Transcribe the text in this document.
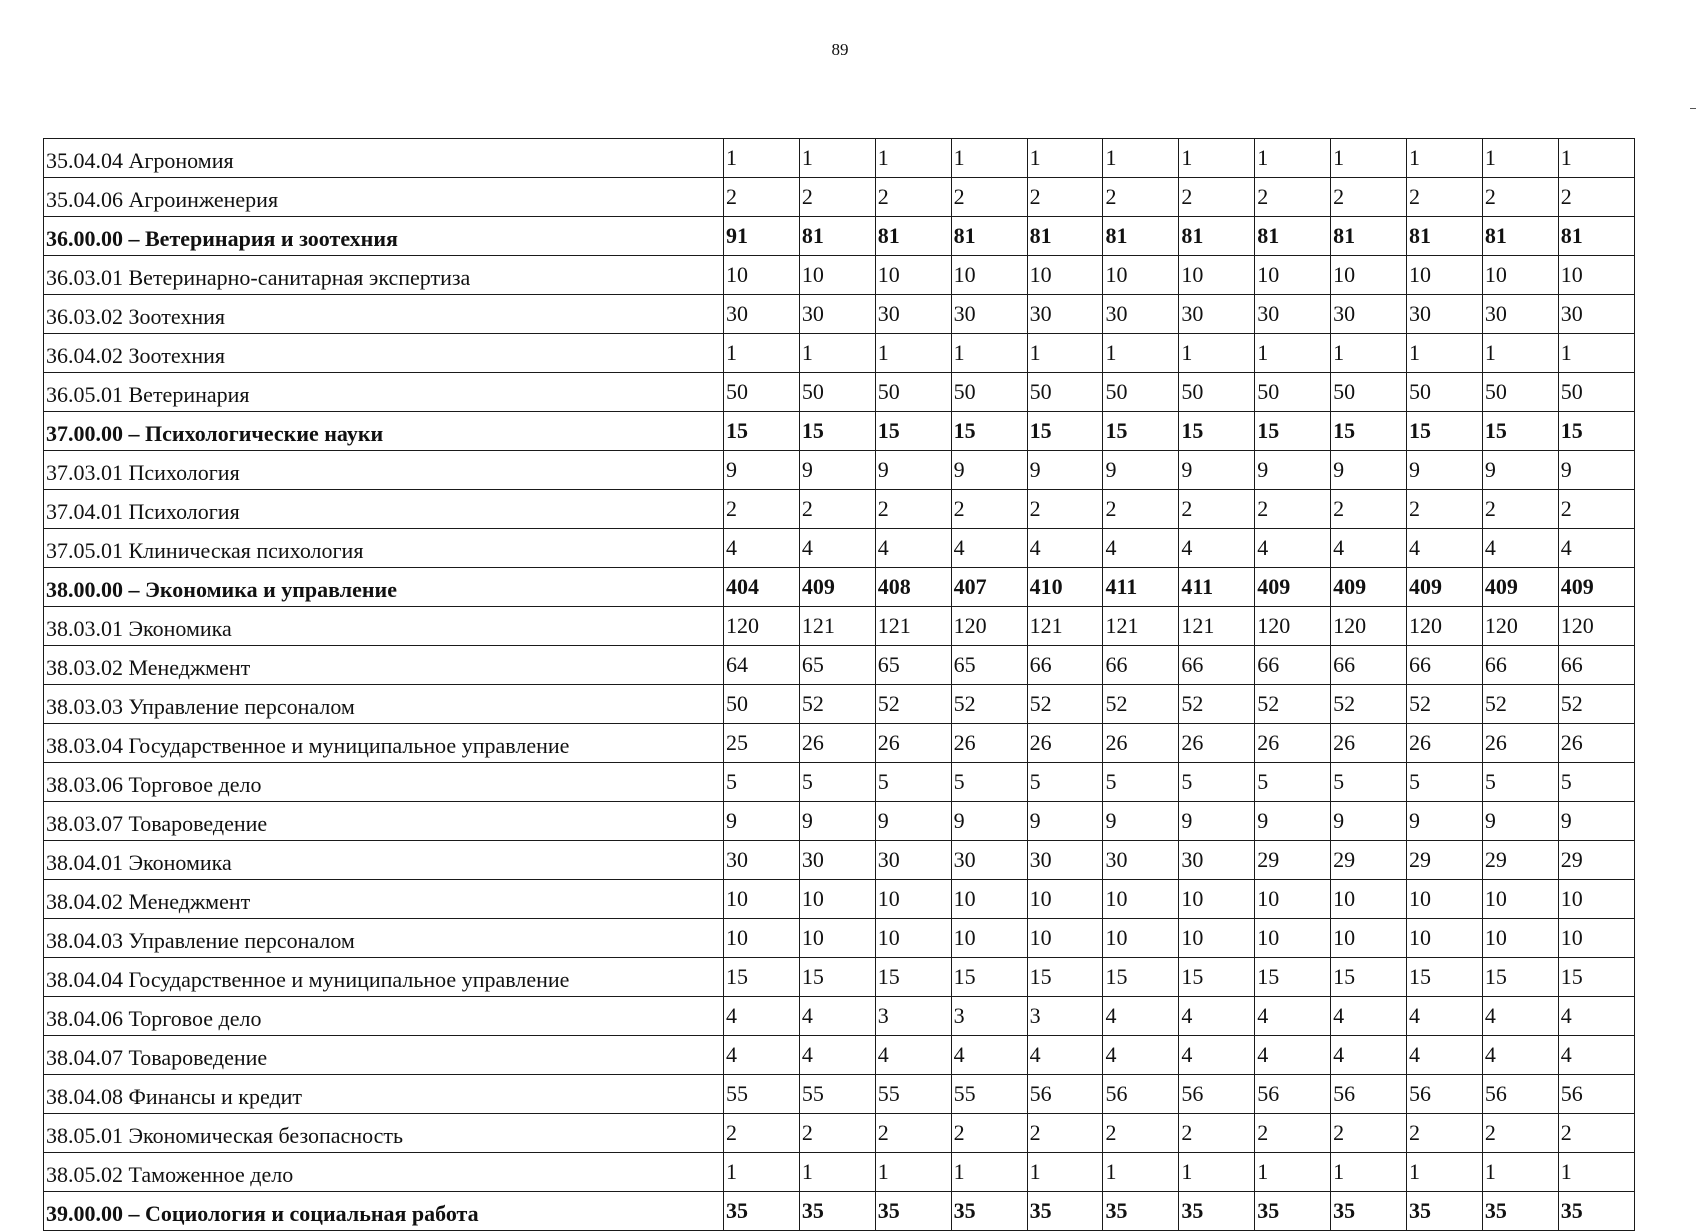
89
35.04.04 Агрономия	1	1	1	1	1	1	1	1	1	1	1	1
35.04.06 Агроинженерия	2	2	2	2	2	2	2	2	2	2	2	2
36.00.00 – Ветеринария и зоотехния	91	81	81	81	81	81	81	81	81	81	81	81
36.03.01 Ветеринарно-санитарная экспертиза	10	10	10	10	10	10	10	10	10	10	10	10
36.03.02 Зоотехния	30	30	30	30	30	30	30	30	30	30	30	30
36.04.02 Зоотехния	1	1	1	1	1	1	1	1	1	1	1	1
36.05.01 Ветеринария	50	50	50	50	50	50	50	50	50	50	50	50
37.00.00 – Психологические науки	15	15	15	15	15	15	15	15	15	15	15	15
37.03.01 Психология	9	9	9	9	9	9	9	9	9	9	9	9
37.04.01 Психология	2	2	2	2	2	2	2	2	2	2	2	2
37.05.01 Клиническая психология	4	4	4	4	4	4	4	4	4	4	4	4
38.00.00 – Экономика и управление	404	409	408	407	410	411	411	409	409	409	409	409
38.03.01 Экономика	120	121	121	120	121	121	121	120	120	120	120	120
38.03.02 Менеджмент	64	65	65	65	66	66	66	66	66	66	66	66
38.03.03 Управление персоналом	50	52	52	52	52	52	52	52	52	52	52	52
38.03.04 Государственное и муниципальное управление	25	26	26	26	26	26	26	26	26	26	26	26
38.03.06 Торговое дело	5	5	5	5	5	5	5	5	5	5	5	5
38.03.07 Товароведение	9	9	9	9	9	9	9	9	9	9	9	9
38.04.01 Экономика	30	30	30	30	30	30	30	29	29	29	29	29
38.04.02 Менеджмент	10	10	10	10	10	10	10	10	10	10	10	10
38.04.03 Управление персоналом	10	10	10	10	10	10	10	10	10	10	10	10
38.04.04 Государственное и муниципальное управление	15	15	15	15	15	15	15	15	15	15	15	15
38.04.06 Торговое дело	4	4	3	3	3	4	4	4	4	4	4	4
38.04.07 Товароведение	4	4	4	4	4	4	4	4	4	4	4	4
38.04.08 Финансы и кредит	55	55	55	55	56	56	56	56	56	56	56	56
38.05.01 Экономическая безопасность	2	2	2	2	2	2	2	2	2	2	2	2
38.05.02 Таможенное дело	1	1	1	1	1	1	1	1	1	1	1	1
39.00.00 – Социология и социальная работа	35	35	35	35	35	35	35	35	35	35	35	35
